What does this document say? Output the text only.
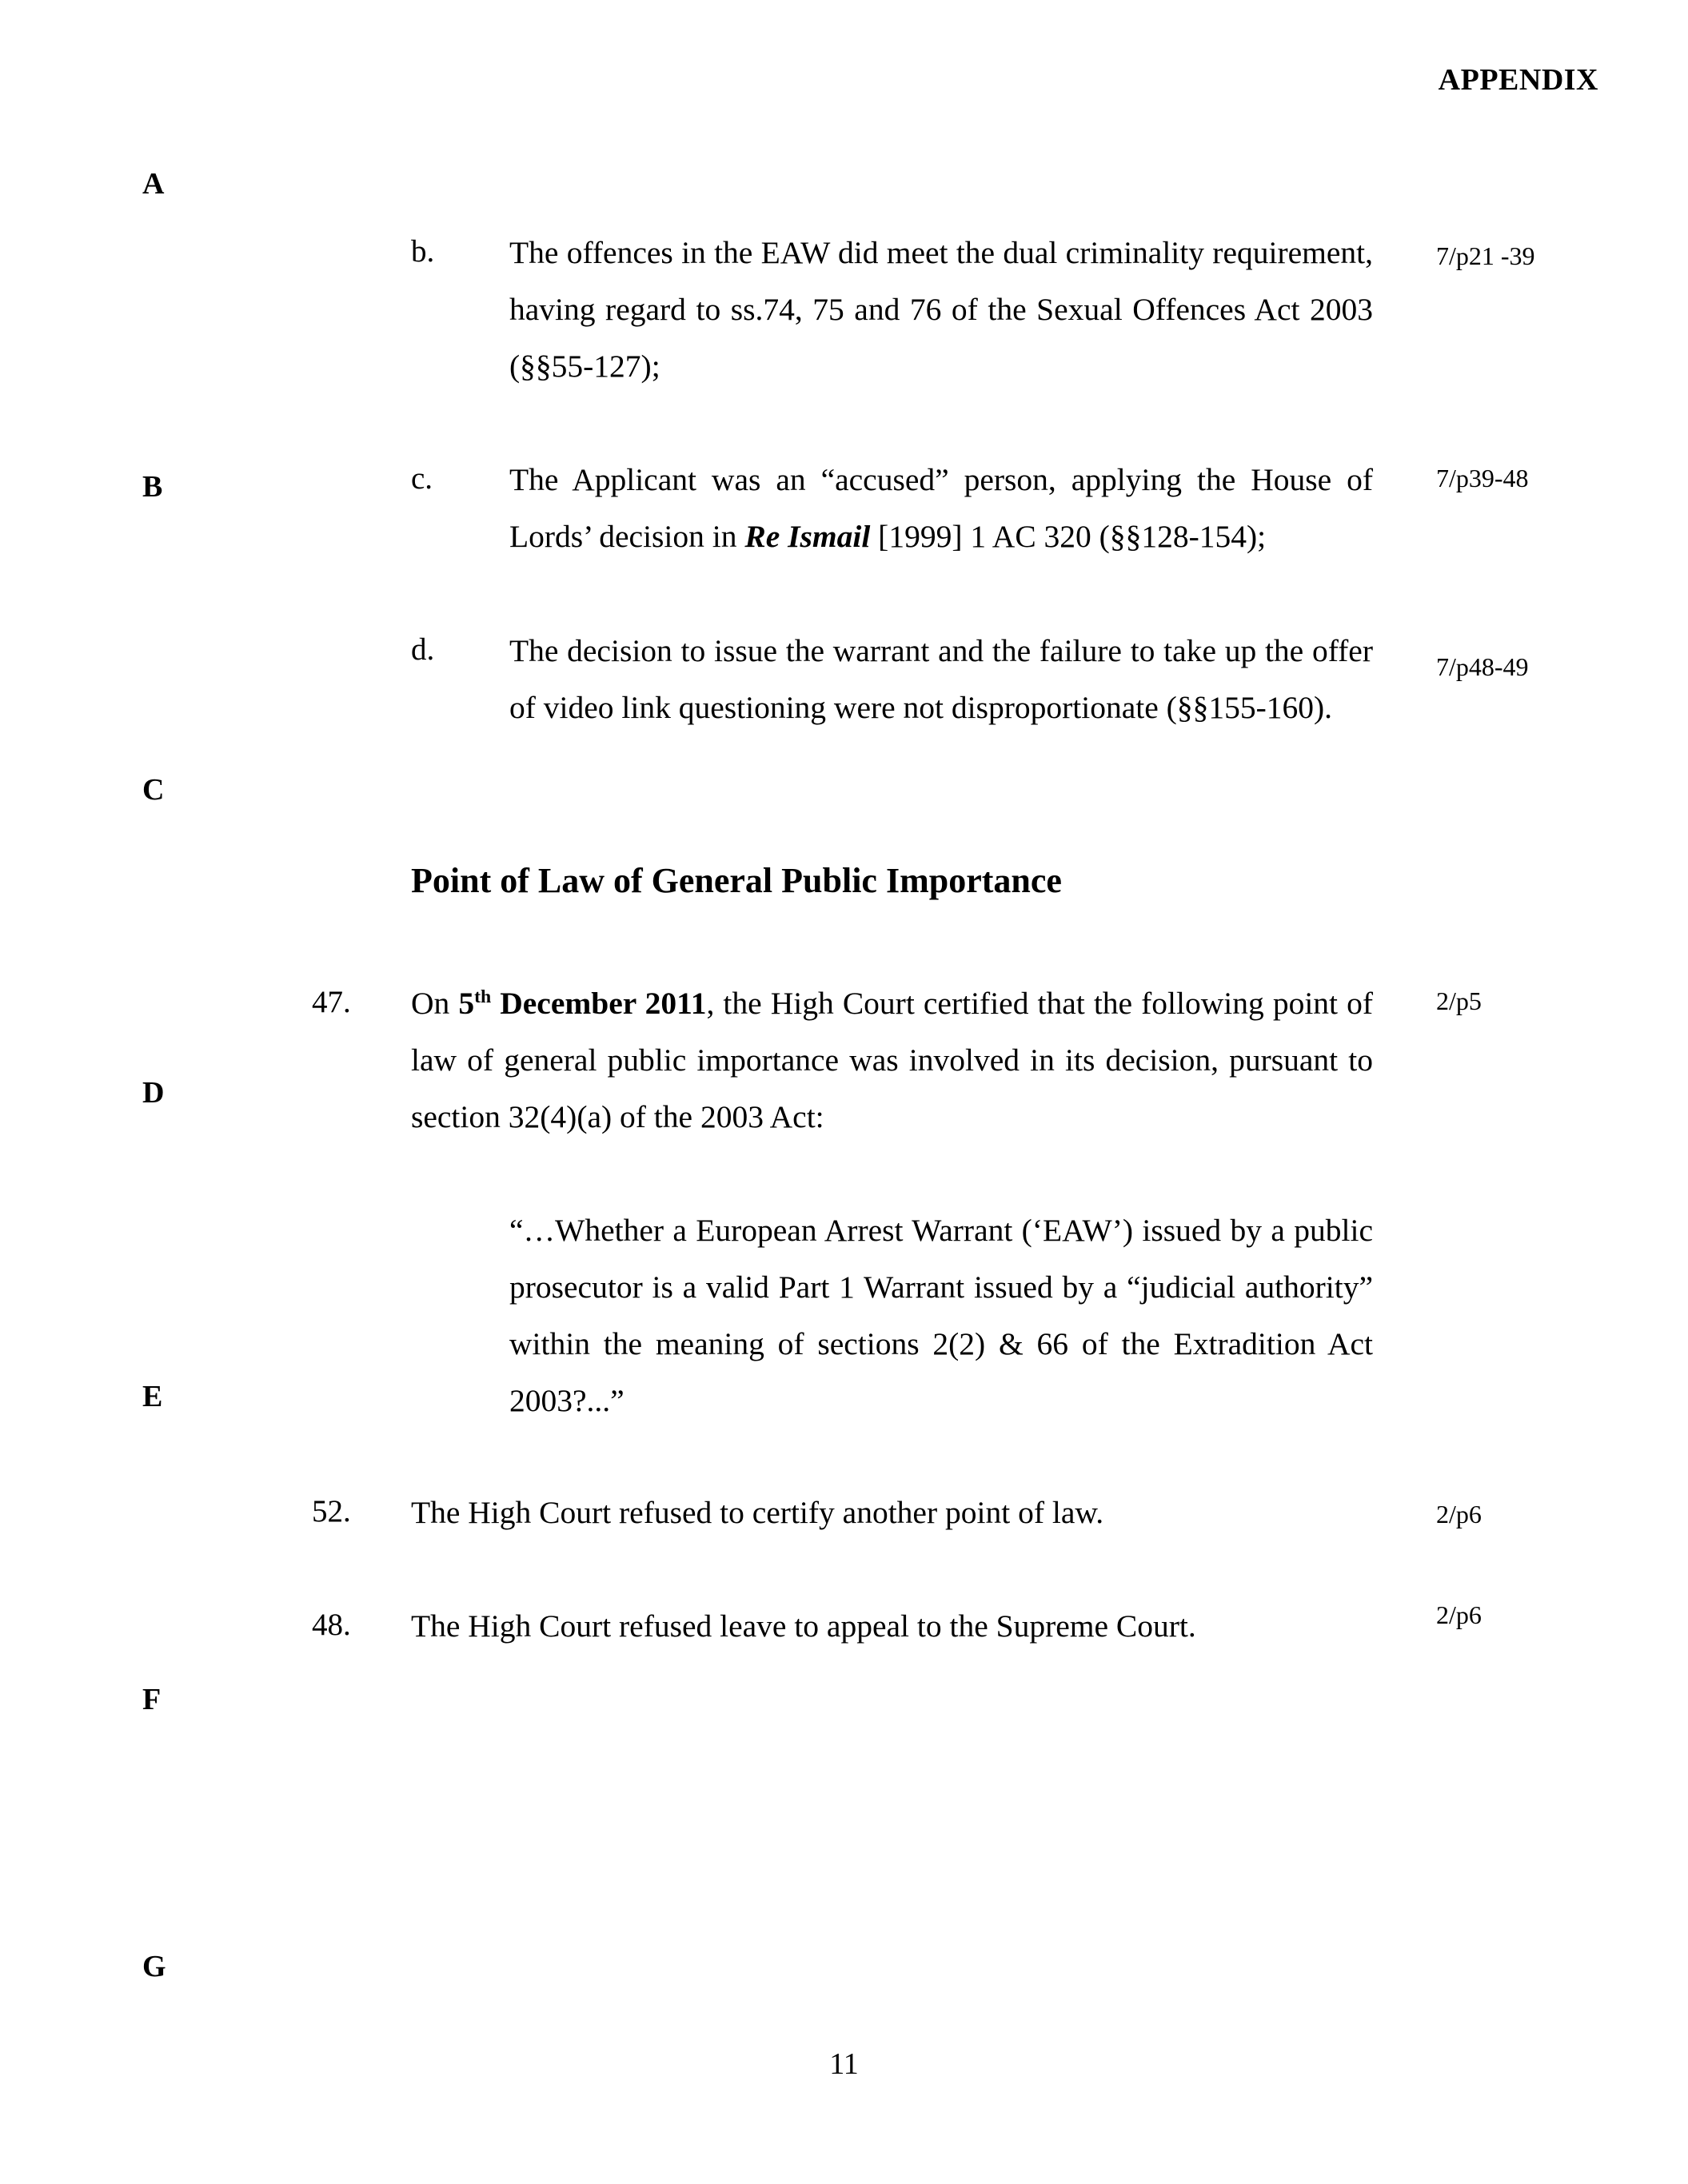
APPENDIX
A
B
C
D
E
F
G
b. The offences in the EAW did meet the dual criminality requirement, having regard to ss.74, 75 and 76 of the Sexual Offences Act 2003 (§§55-127);
7/p21 -39
c. The Applicant was an “accused” person, applying the House of Lords’ decision in Re Ismail [1999] 1 AC 320 (§§128-154);
7/p39-48
d. The decision to issue the warrant and the failure to take up the offer of video link questioning were not disproportionate (§§155-160).
7/p48-49
Point of Law of General Public Importance
47. On 5th December 2011, the High Court certified that the following point of law of general public importance was involved in its decision, pursuant to section 32(4)(a) of the 2003 Act:
2/p5
“…Whether a European Arrest Warrant (‘EAW’) issued by a public prosecutor is a valid Part 1 Warrant issued by a “judicial authority” within the meaning of sections 2(2) & 66 of the Extradition Act 2003?...”
52. The High Court refused to certify another point of law.	2/p6
48. The High Court refused leave to appeal to the Supreme Court.	2/p6
11
